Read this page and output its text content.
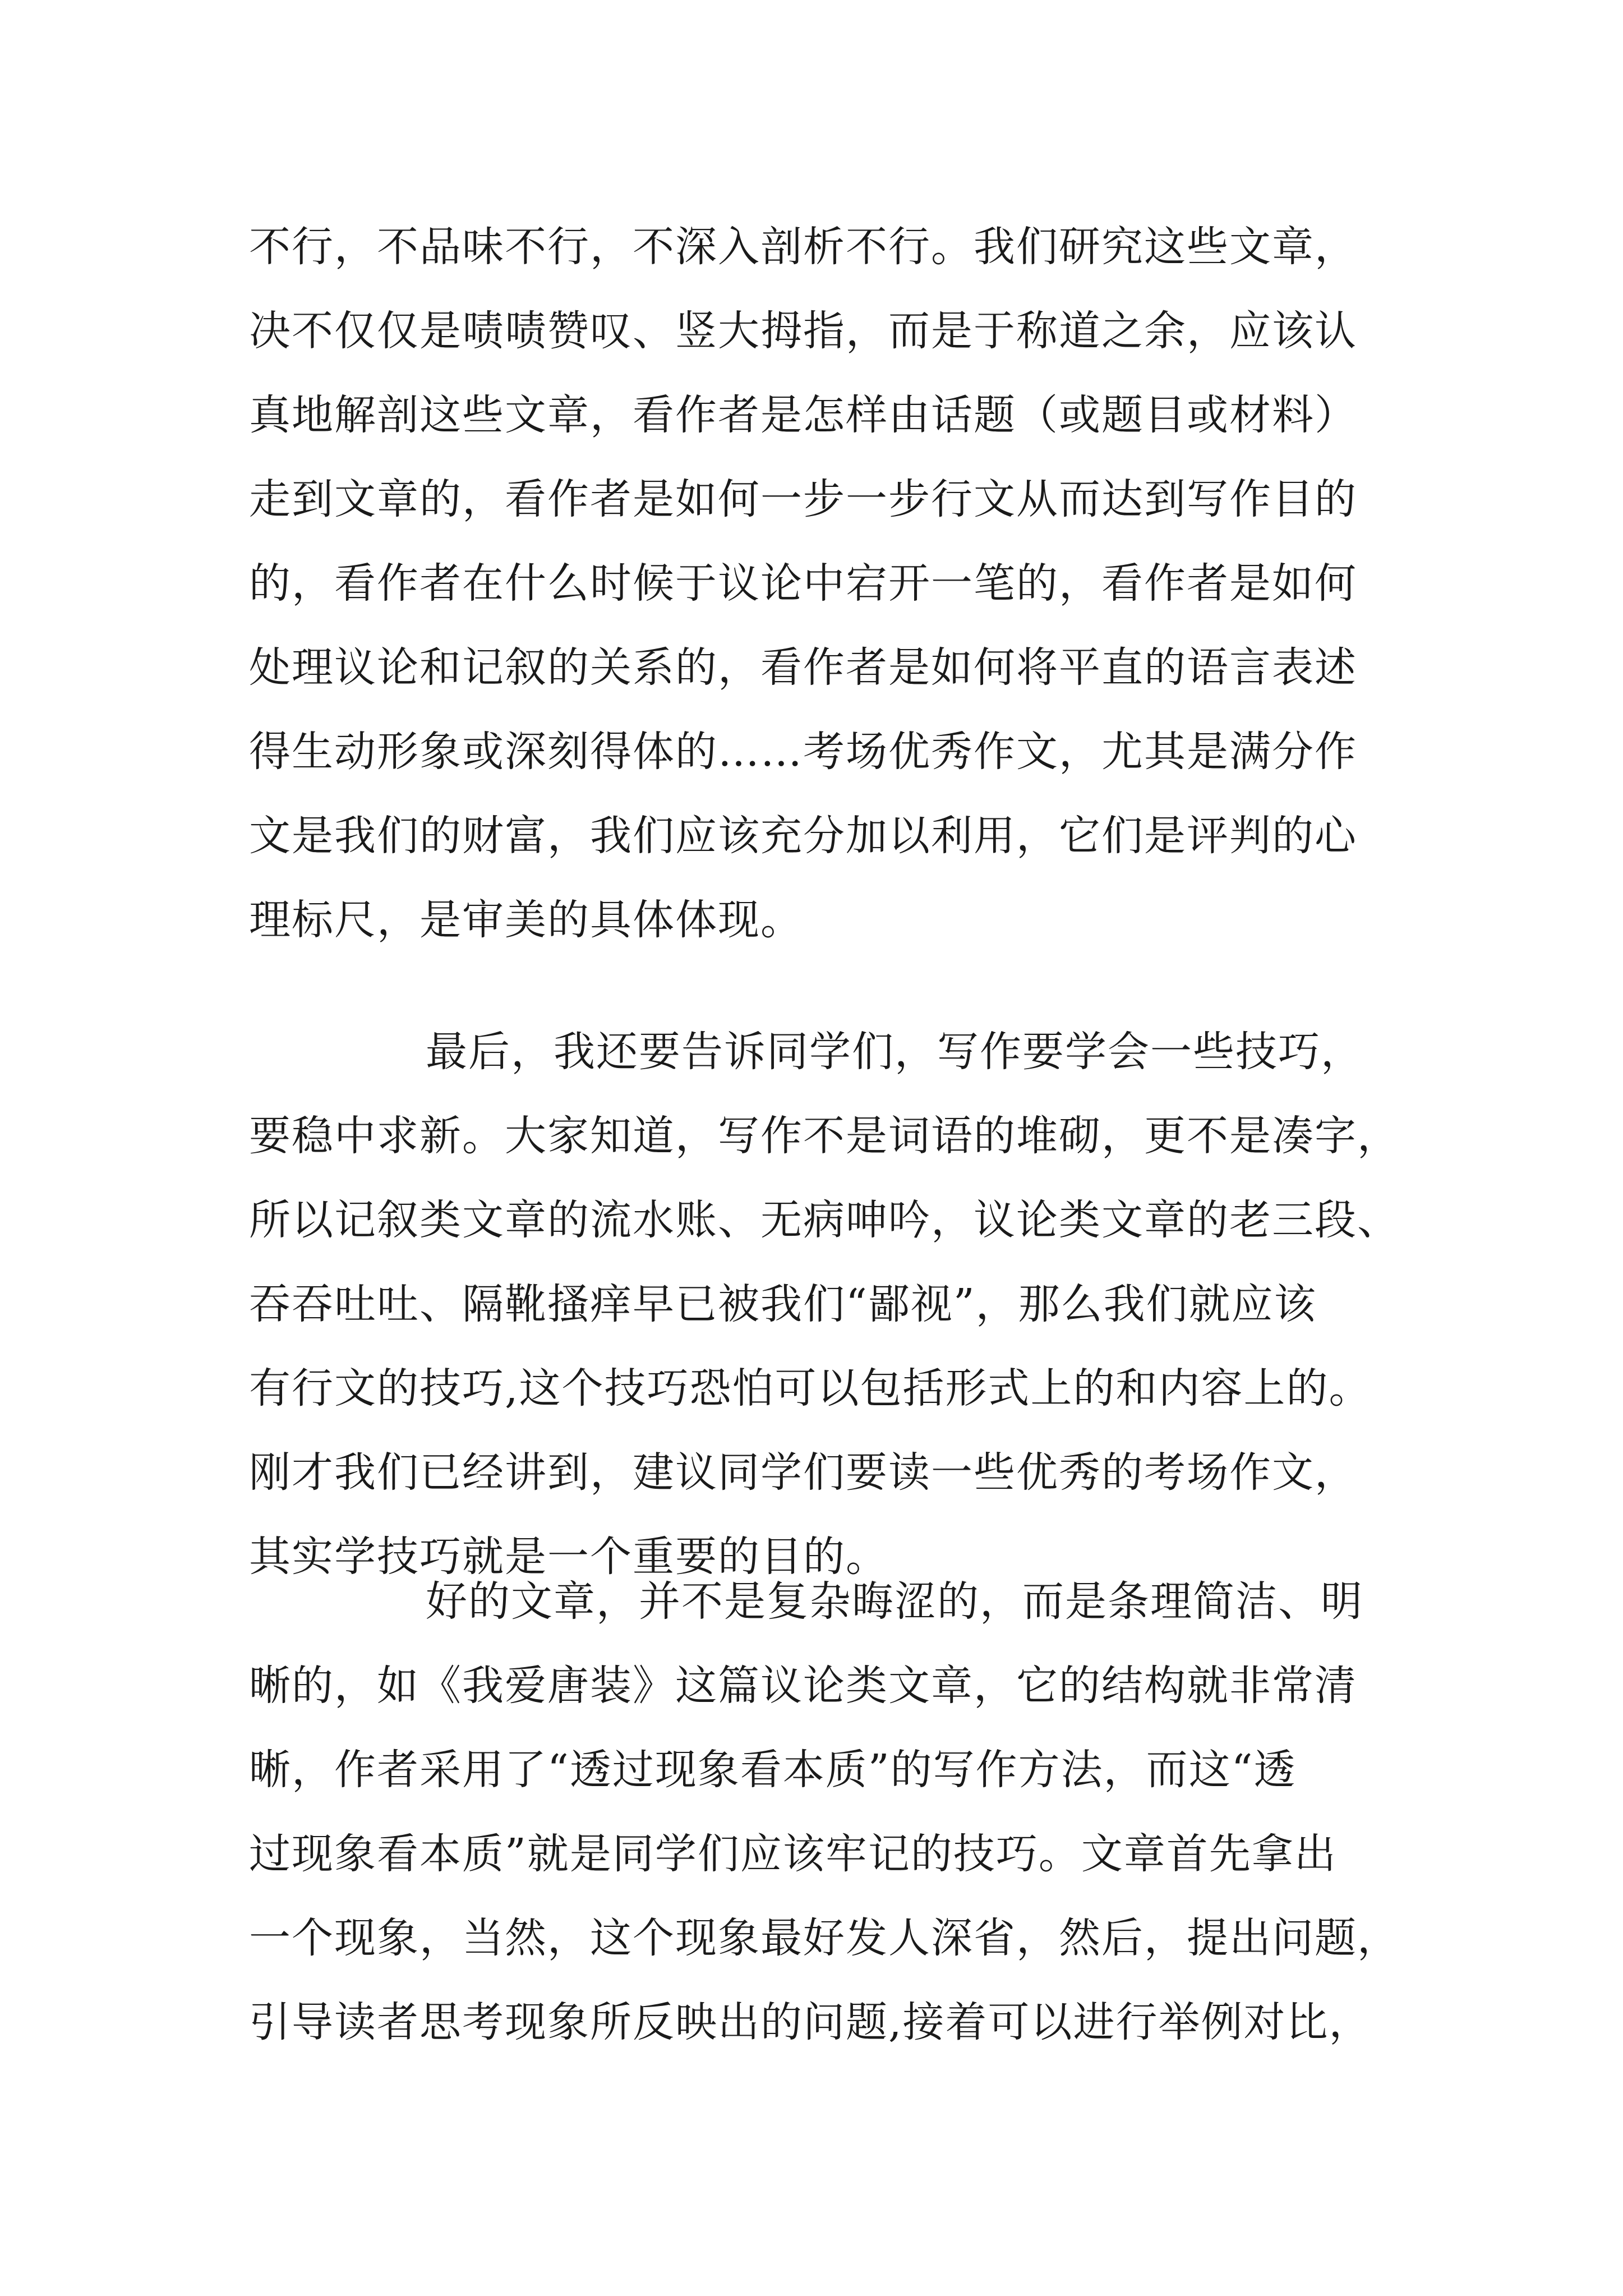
不行，不品味不行，不深入剖析不行。我们研究这些文章，
决不仅仅是啧啧赞叹、竖大拇指，而是于称道之余，应该认
真地解剖这些文章，看作者是怎样由话题（或题目或材料）
走到文章的，看作者是如何一步一步行文从而达到写作目的
的，看作者在什么时候于议论中宕开一笔的，看作者是如何
处理议论和记叙的关系的，看作者是如何将平直的语言表述
得生动形象或深刻得体的……考场优秀作文，尤其是满分作
文是我们的财富，我们应该充分加以利用，它们是评判的心
理标尺，是审美的具体体现。
最后，我还要告诉同学们，写作要学会一些技巧，
要稳中求新。大家知道，写作不是词语的堆砌，更不是凑字，
所以记叙类文章的流水账、无病呻吟，议论类文章的老三段、
吞吞吐吐、隔靴搔痒早已被我们“鄙视”，那么我们就应该
有行文的技巧,这个技巧恐怕可以包括形式上的和内容上的。
刚才我们已经讲到，建议同学们要读一些优秀的考场作文，
其实学技巧就是一个重要的目的。
好的文章，并不是复杂晦涩的，而是条理简洁、明
晰的，如《我爱唐装》这篇议论类文章，它的结构就非常清
晰，作者采用了“透过现象看本质”的写作方法，而这“透
过现象看本质”就是同学们应该牢记的技巧。文章首先拿出
一个现象，当然，这个现象最好发人深省，然后，提出问题，
引导读者思考现象所反映出的问题,接着可以进行举例对比，
